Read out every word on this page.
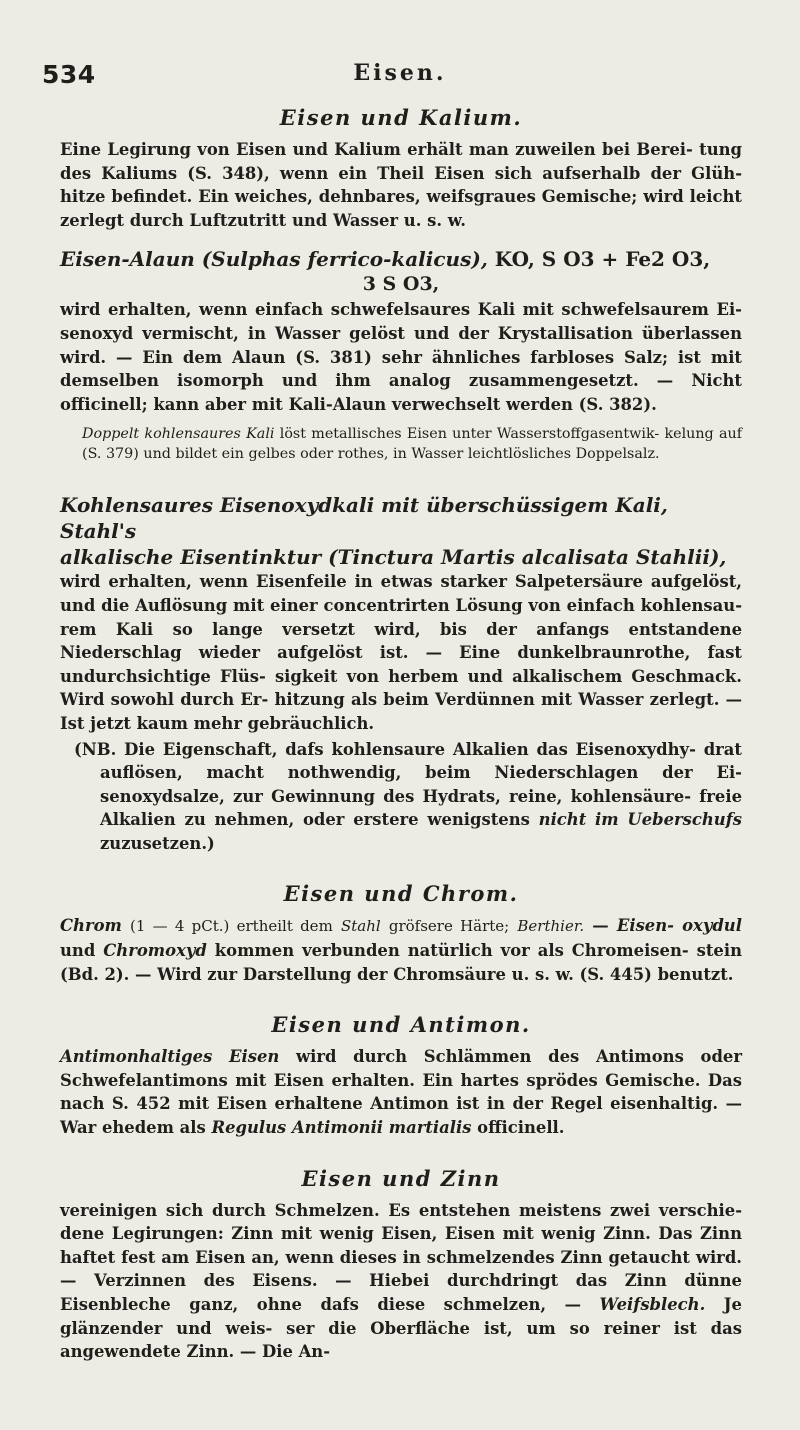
534	Eisen.
Eisen und Kalium.

Eine Legirung von Eisen und Kalium erhält man zuweilen bei Berei- tung des Kaliums (S. 348), wenn ein Theil Eisen sich aufserhalb der Glüh- hitze befindet. Ein weiches, dehnbares, weifsgraues Gemische; wird leicht zerlegt durch Luftzutritt und Wasser u. s. w.

Eisen-Alaun (Sulphas ferrico-kalicus), KO, S O3 + Fe2 O3,
3 S O3,

wird erhalten, wenn einfach schwefelsaures Kali mit schwefelsaurem Ei- senoxyd vermischt, in Wasser gelöst und der Krystallisation überlassen wird. — Ein dem Alaun (S. 381) sehr ähnliches farbloses Salz; ist mit demselben isomorph und ihm analog zusammengesetzt. — Nicht officinell; kann aber mit Kali-Alaun verwechselt werden (S. 382).

Doppelt kohlensaures Kali löst metallisches Eisen unter Wasserstoffgasentwik- kelung auf (S. 379) und bildet ein gelbes oder rothes, in Wasser leichtlösliches Doppelsalz.

Kohlensaures Eisenoxydkali mit überschüssigem Kali, Stahl's
alkalische Eisentinktur (Tinctura Martis alcalisata Stahlii),

wird erhalten, wenn Eisenfeile in etwas starker Salpetersäure aufgelöst, und die Auflösung mit einer concentrirten Lösung von einfach kohlensau- rem Kali so lange versetzt wird, bis der anfangs entstandene Niederschlag wieder aufgelöst ist. — Eine dunkelbraunrothe, fast undurchsichtige Flüs- sigkeit von herbem und alkalischem Geschmack. Wird sowohl durch Er- hitzung als beim Verdünnen mit Wasser zerlegt. — Ist jetzt kaum mehr gebräuchlich.

(NB. Die Eigenschaft, dafs kohlensaure Alkalien das Eisenoxydhy- drat auflösen, macht nothwendig, beim Niederschlagen der Ei- senoxydsalze, zur Gewinnung des Hydrats, reine, kohlensäure- freie Alkalien zu nehmen, oder erstere wenigstens nicht im Ueberschufs zuzusetzen.)

Eisen und Chrom.

Chrom (1 — 4 pCt.) ertheilt dem Stahl gröfsere Härte; Berthier. — Eisen- oxydul und Chromoxyd kommen verbunden natürlich vor als Chromeisen- stein (Bd. 2). — Wird zur Darstellung der Chromsäure u. s. w. (S. 445) benutzt.

Eisen und Antimon.

Antimonhaltiges Eisen wird durch Schlämmen des Antimons oder Schwefelantimons mit Eisen erhalten. Ein hartes sprödes Gemische. Das nach S. 452 mit Eisen erhaltene Antimon ist in der Regel eisenhaltig. — War ehedem als Regulus Antimonii martialis officinell.

Eisen und Zinn

vereinigen sich durch Schmelzen. Es entstehen meistens zwei verschie- dene Legirungen: Zinn mit wenig Eisen, Eisen mit wenig Zinn. Das Zinn haftet fest am Eisen an, wenn dieses in schmelzendes Zinn getaucht wird. — Verzinnen des Eisens. — Hiebei durchdringt das Zinn dünne Eisenbleche ganz, ohne dafs diese schmelzen, — Weifsblech. Je glänzender und weis- ser die Oberfläche ist, um so reiner ist das angewendete Zinn. — Die An-
